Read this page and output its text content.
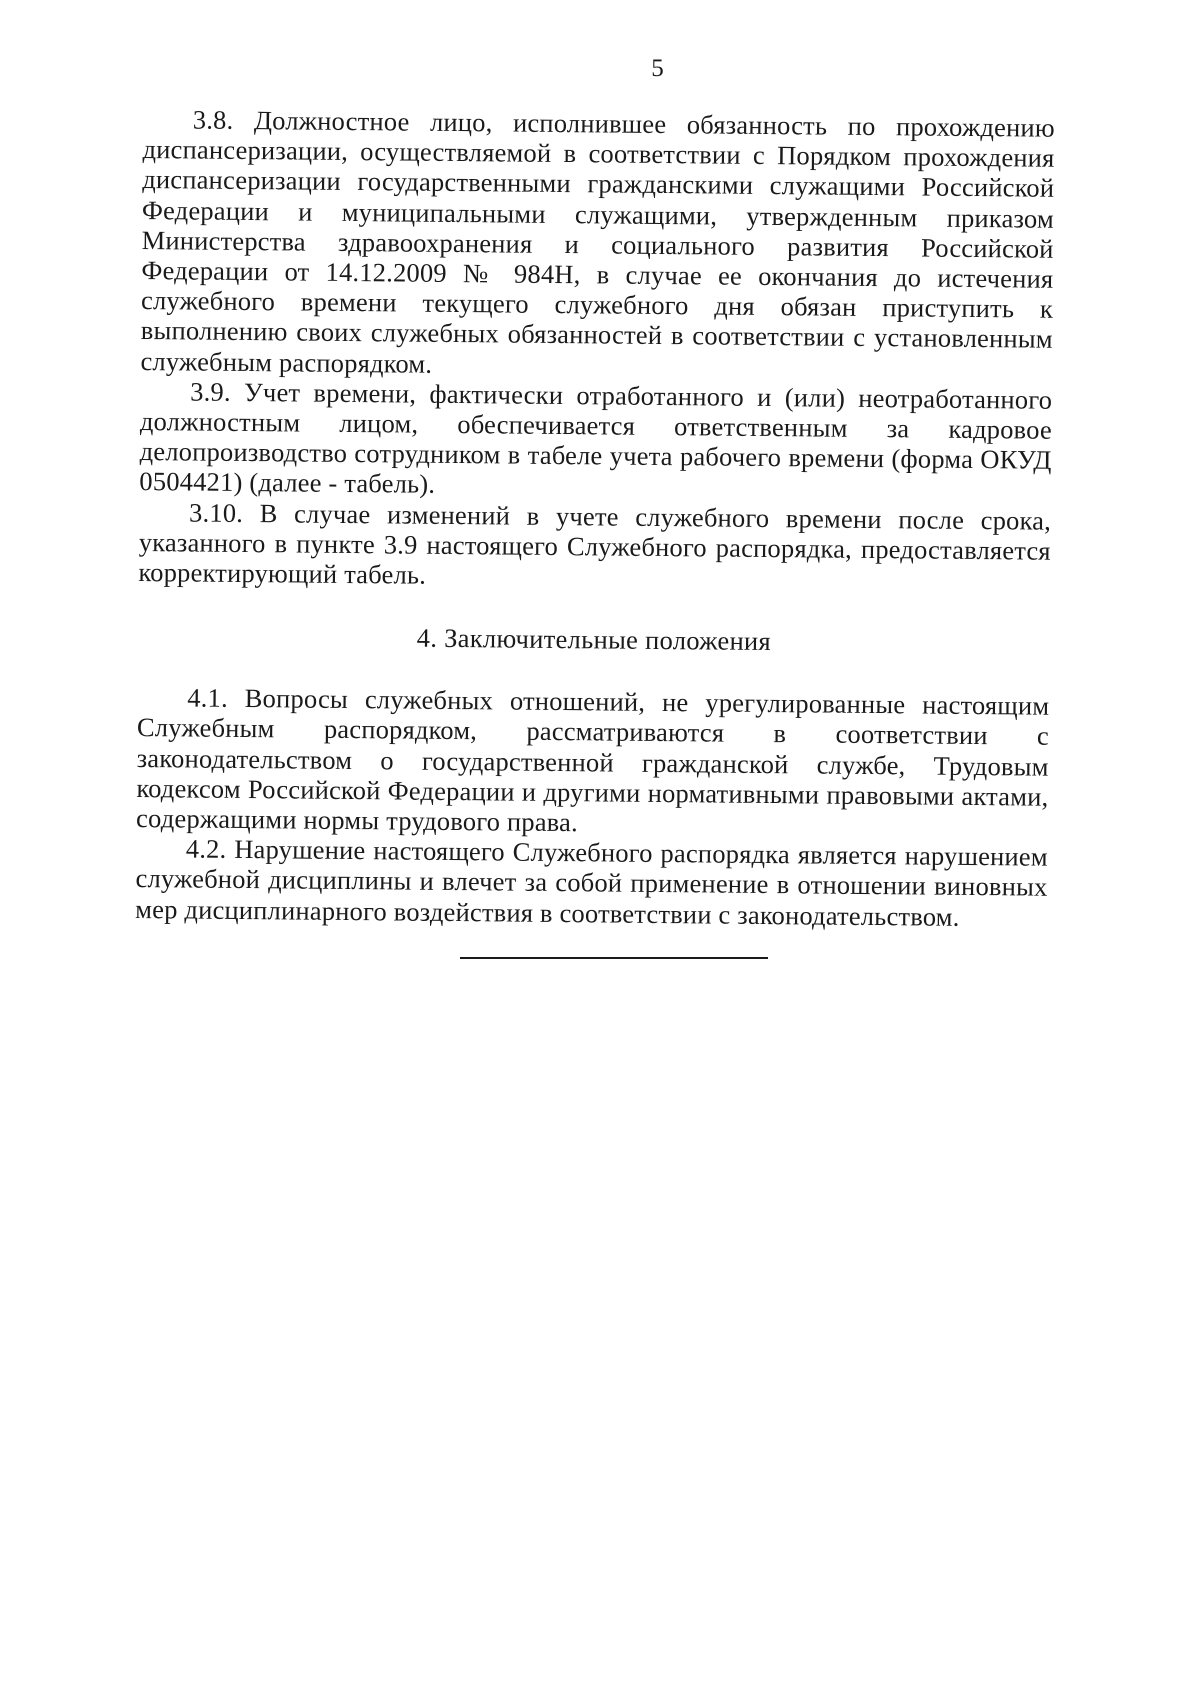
5

3.8. Должностное лицо, исполнившее обязанность по прохождению диспансеризации, осуществляемой в соответствии с Порядком прохождения диспансеризации государственными гражданскими служащими Российской Федерации и муниципальными служащими, утвержденным приказом Министерства здравоохранения и социального развития Российской Федерации от 14.12.2009 № 984Н, в случае ее окончания до истечения служебного времени текущего служебного дня обязан приступить к выполнению своих служебных обязанностей в соответствии с установленным служебным распорядком.

3.9. Учет времени, фактически отработанного и (или) неотработанного должностным лицом, обеспечивается ответственным за кадровое делопроизводство сотрудником в табеле учета рабочего времени (форма ОКУД 0504421) (далее - табель).

3.10. В случае изменений в учете служебного времени после срока, указанного в пункте 3.9 настоящего Служебного распорядка, предоставляется корректирующий табель.

4. Заключительные положения

4.1. Вопросы служебных отношений, не урегулированные настоящим Служебным распорядком, рассматриваются в соответствии с законодательством о государственной гражданской службе, Трудовым кодексом Российской Федерации и другими нормативными правовыми актами, содержащими нормы трудового права.

4.2. Нарушение настоящего Служебного распорядка является нарушением служебной дисциплины и влечет за собой применение в отношении виновных мер дисциплинарного воздействия в соответствии с законодательством.
